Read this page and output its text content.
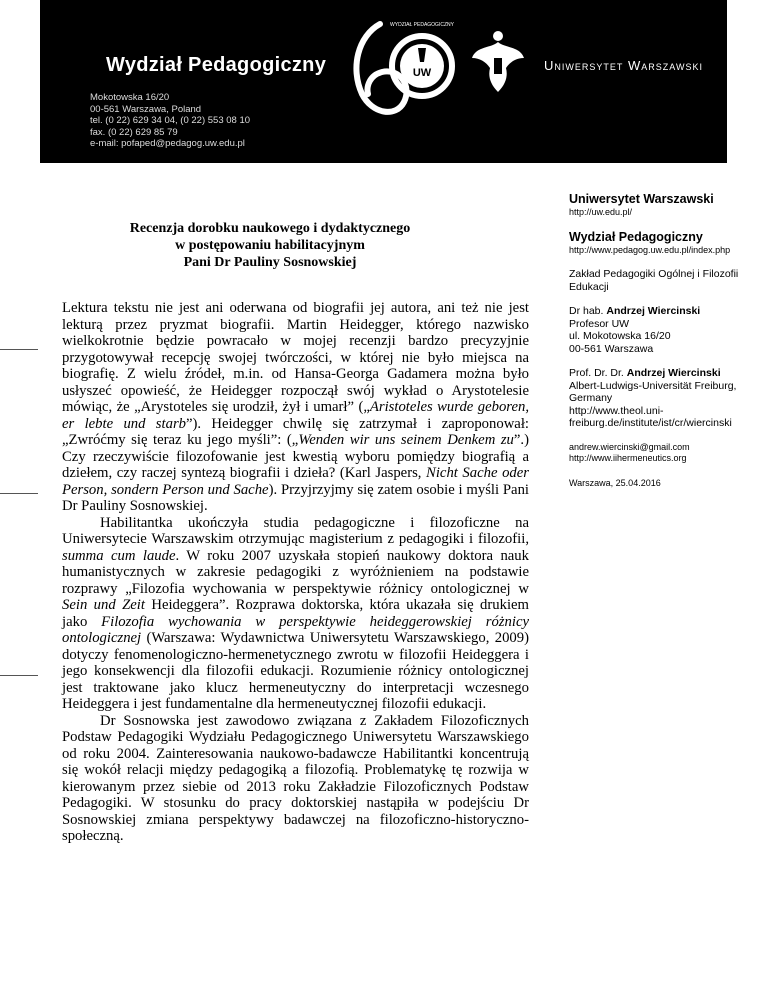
Wydział Pedagogiczny
Mokotowska 16/20
00-561 Warszawa, Poland
tel. (0 22) 629 34 04, (0 22) 553 08 10
fax. (0 22) 629 85 79
e-mail: pofaped@pedagog.uw.edu.pl
UW
WYDZIAŁ PEDAGOGICZNY
Uniwersytet Warszawski
Recenzja dorobku naukowego i dydaktycznego
w postępowaniu habilitacyjnym
Pani Dr Pauliny Sosnowskiej

Lektura tekstu nie jest ani oderwana od biografii jej autora, ani też nie jest lekturą przez pryzmat biografii. Martin Heidegger, którego nazwisko wielkokrotnie będzie powracało w mojej recenzji bardzo precyzyjnie przygotowywał recepcję swojej twórczości, w której nie było miejsca na biografię. Z wielu źródeł, m.in. od Hansa-Georga Gadamera można było usłyszeć opowieść, że Heidegger rozpoczął swój wykład o Arystotelesie mówiąc, że „Arystoteles się urodził, żył i umarł” („Aristoteles wurde geboren, er lebte und starb”). Heidegger chwilę się zatrzymał i zaproponował: „Zwróćmy się teraz ku jego myśli”: („Wenden wir uns seinem Denkem zu”.) Czy rzeczywiście filozofowanie jest kwestią wyboru pomiędzy biografią a dziełem, czy raczej syntezą biografii i dzieła? (Karl Jaspers, Nicht Sache oder Person, sondern Person und Sache). Przyjrzyjmy się zatem osobie i myśli Pani Dr Pauliny Sosnowskiej.

Habilitantka ukończyła studia pedagogiczne i filozoficzne na Uniwersytecie Warszawskim otrzymując magisterium z pedagogiki i filozofii, summa cum laude. W roku 2007 uzyskała stopień naukowy doktora nauk humanistycznych w zakresie pedagogiki z wyróżnieniem na podstawie rozprawy „Filozofia wychowania w perspektywie różnicy ontologicznej w Sein und Zeit Heideggera”. Rozprawa doktorska, która ukazała się drukiem jako Filozofia wychowania w perspektywie heideggerowskiej różnicy ontologicznej (Warszawa: Wydawnictwa Uniwersytetu Warszawskiego, 2009) dotyczy fenomenologiczno-hermenetycznego zwrotu w filozofii Heideggera i jego konsekwencji dla filozofii edukacji. Rozumienie różnicy ontologicznej jest traktowane jako klucz hermeneutyczny do interpretacji wczesnego Heideggera i jest fundamentalne dla hermeneutycznej filozofii edukacji.

Dr Sosnowska jest zawodowo związana z Zakładem Filozoficznych Podstaw Pedagogiki Wydziału Pedagogicznego Uniwersytetu Warszawskiego od roku 2004. Zainteresowania naukowo-badawcze Habilitantki koncentrują się wokół relacji między pedagogiką a filozofią. Problematykę tę rozwija w kierowanym przez siebie od 2013 roku Zakładzie Filozoficznych Podstaw Pedagogiki. W stosunku do pracy doktorskiej nastąpiła w podejściu Dr Sosnowskiej zmiana perspektywy badawczej na filozoficzno-historyczno-społeczną.

Uniwersytet Warszawski
http://uw.edu.pl/
Wydział Pedagogiczny
http://www.pedagog.uw.edu.pl/index.php
Zakład Pedagogiki Ogólnej i Filozofii
Edukacji
Dr hab. Andrzej Wiercinski
Profesor UW
ul. Mokotowska 16/20
00-561 Warszawa
Prof. Dr. Dr. Andrzej Wiercinski
Albert-Ludwigs-Universität Freiburg,
Germany
http://www.theol.uni-
freiburg.de/institute/ist/cr/wiercinski
andrew.wiercinski@gmail.com
http://www.iihermeneutics.org
Warszawa, 25.04.2016
